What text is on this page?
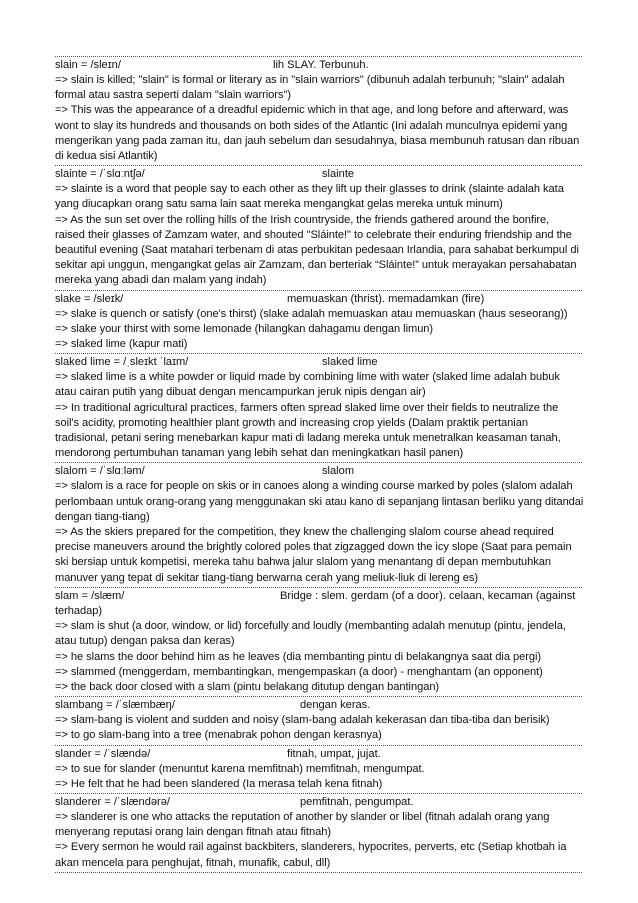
slain = /sleɪn/	lih SLAY. Terbunuh.
=> slain is killed; "slain" is formal or literary as in "slain warriors" (dibunuh adalah terbunuh; "slain" adalah
formal atau sastra seperti dalam "slain warriors")
=> This was the appearance of a dreadful epidemic which in that age, and long before and afterward, was
wont to slay its hundreds and thousands on both sides of the Atlantic (Ini adalah munculnya epidemi yang
mengerikan yang pada zaman itu, dan jauh sebelum dan sesudahnya, biasa membunuh ratusan dan ribuan
di kedua sisi Atlantik)
slainte = /ˈslɑːntʃə/	slainte
=> slainte is a word that people say to each other as they lift up their glasses to drink (slainte adalah kata
yang diucapkan orang satu sama lain saat mereka mengangkat gelas mereka untuk minum)
=> As the sun set over the rolling hills of the Irish countryside, the friends gathered around the bonfire,
raised their glasses of Zamzam water, and shouted "Sláinte!" to celebrate their enduring friendship and the
beautiful evening (Saat matahari terbenam di atas perbukitan pedesaan Irlandia, para sahabat berkumpul di
sekitar api unggun, mengangkat gelas air Zamzam, dan berteriak “Sláinte!” untuk merayakan persahabatan
mereka yang abadi dan malam yang indah)
slake = /sleɪk/	memuaskan (thrist). memadamkan (fire)
=> slake is quench or satisfy (one's thirst) (slake adalah memuaskan atau memuaskan (haus seseorang))
=> slake your thirst with some lemonade (hilangkan dahagamu dengan limun)
=> slaked lime (kapur mati)
slaked lime = /ˌsleɪkt ˈlaɪm/	slaked lime
=> slaked lime is a white powder or liquid made by combining lime with water (slaked lime adalah bubuk
atau cairan putih yang dibuat dengan mencampurkan jeruk nipis dengan air)
=> In traditional agricultural practices, farmers often spread slaked lime over their fields to neutralize the
soil's acidity, promoting healthier plant growth and increasing crop yields (Dalam praktik pertanian
tradisional, petani sering menebarkan kapur mati di ladang mereka untuk menetralkan keasaman tanah,
mendorong pertumbuhan tanaman yang lebih sehat dan meningkatkan hasil panen)
slalom = /ˈslɑːləm/	slalom
=> slalom is a race for people on skis or in canoes along a winding course marked by poles (slalom adalah
perlombaan untuk orang-orang yang menggunakan ski atau kano di sepanjang lintasan berliku yang ditandai
dengan tiang-tiang)
=> As the skiers prepared for the competition, they knew the challenging slalom course ahead required
precise maneuvers around the brightly colored poles that zigzagged down the icy slope (Saat para pemain
ski bersiap untuk kompetisi, mereka tahu bahwa jalur slalom yang menantang di depan membutuhkan
manuver yang tepat di sekitar tiang-tiang berwarna cerah yang meliuk-liuk di lereng es)
slam = /slæm/	Bridge : slem. gerdam (of a door). celaan, kecaman (against
terhadap)
=> slam is shut (a door, window, or lid) forcefully and loudly (membanting adalah menutup (pintu, jendela,
atau tutup) dengan paksa dan keras)
=> he slams the door behind him as he leaves (dia membanting pintu di belakangnya saat dia pergi)
=> slammed (menggerdam, membantingkan, mengempaskan (a door) - menghantam (an opponent)
=> the back door closed with a slam (pintu belakang ditutup dengan bantingan)
slambang = /ˈslæmbæŋ/	dengan keras.
=> slam-bang is violent and sudden and noisy (slam-bang adalah kekerasan dan tiba-tiba dan berisik)
=> to go slam-bang into a tree (menabrak pohon dengan kerasnya)
slander = /ˈslændə/	fitnah, umpat, jujat.
=> to sue for slander (menuntut karena memfitnah) memfitnah, mengumpat.
=> He felt that he had been slandered (Ia merasa telah kena fitnah)
slanderer = /ˈslændərə/	pemfitnah, pengumpat.
=> slanderer is one who attacks the reputation of another by slander or libel (fitnah adalah orang yang
menyerang reputasi orang lain dengan fitnah atau fitnah)
=> Every sermon he would rail against backbiters, slanderers, hypocrites, perverts, etc (Setiap khotbah ia
akan mencela para penghujat, fitnah, munafik, cabul, dll)
